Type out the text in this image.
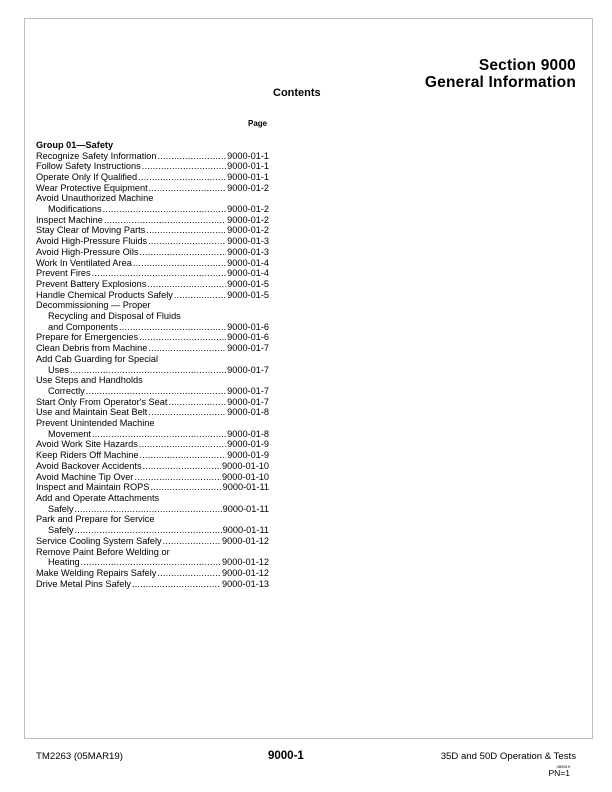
Section 9000
General Information
Contents
Page
Group 01—Safety
Recognize Safety Information .....	9000-01-1
Follow Safety Instructions .....	9000-01-1
Operate Only If Qualified .....	9000-01-1
Wear Protective Equipment .....	9000-01-2
Avoid Unauthorized Machine
Modifications .....	9000-01-2
Inspect Machine .....	9000-01-2
Stay Clear of Moving Parts .....	9000-01-2
Avoid High-Pressure Fluids .....	9000-01-3
Avoid High-Pressure Oils .....	9000-01-3
Work In Ventilated Area .....	9000-01-4
Prevent Fires .....	9000-01-4
Prevent Battery Explosions .....	9000-01-5
Handle Chemical Products Safely .....	9000-01-5
Decommissioning — Proper
Recycling and Disposal of Fluids
and Components .....	9000-01-6
Prepare for Emergencies .....	9000-01-6
Clean Debris from Machine .....	9000-01-7
Add Cab Guarding for Special
Uses .....	9000-01-7
Use Steps and Handholds
Correctly .....	9000-01-7
Start Only From Operator's Seat .....	9000-01-7
Use and Maintain Seat Belt .....	9000-01-8
Prevent Unintended Machine
Movement .....	9000-01-8
Avoid Work Site Hazards .....	9000-01-9
Keep Riders Off Machine .....	9000-01-9
Avoid Backover Accidents .....	9000-01-10
Avoid Machine Tip Over .....	9000-01-10
Inspect and Maintain ROPS .....	9000-01-11
Add and Operate Attachments
Safely .....	9000-01-11
Park and Prepare for Service
Safely .....	9000-01-11
Service Cooling System Safely .....	9000-01-12
Remove Paint Before Welding or
Heating .....	9000-01-12
Make Welding Repairs Safely .....	9000-01-12
Drive Metal Pins Safely .....	9000-01-13
TM2263 (05MAR19)	9000-1	35D and 50D Operation & Tests
080519
PN=1
